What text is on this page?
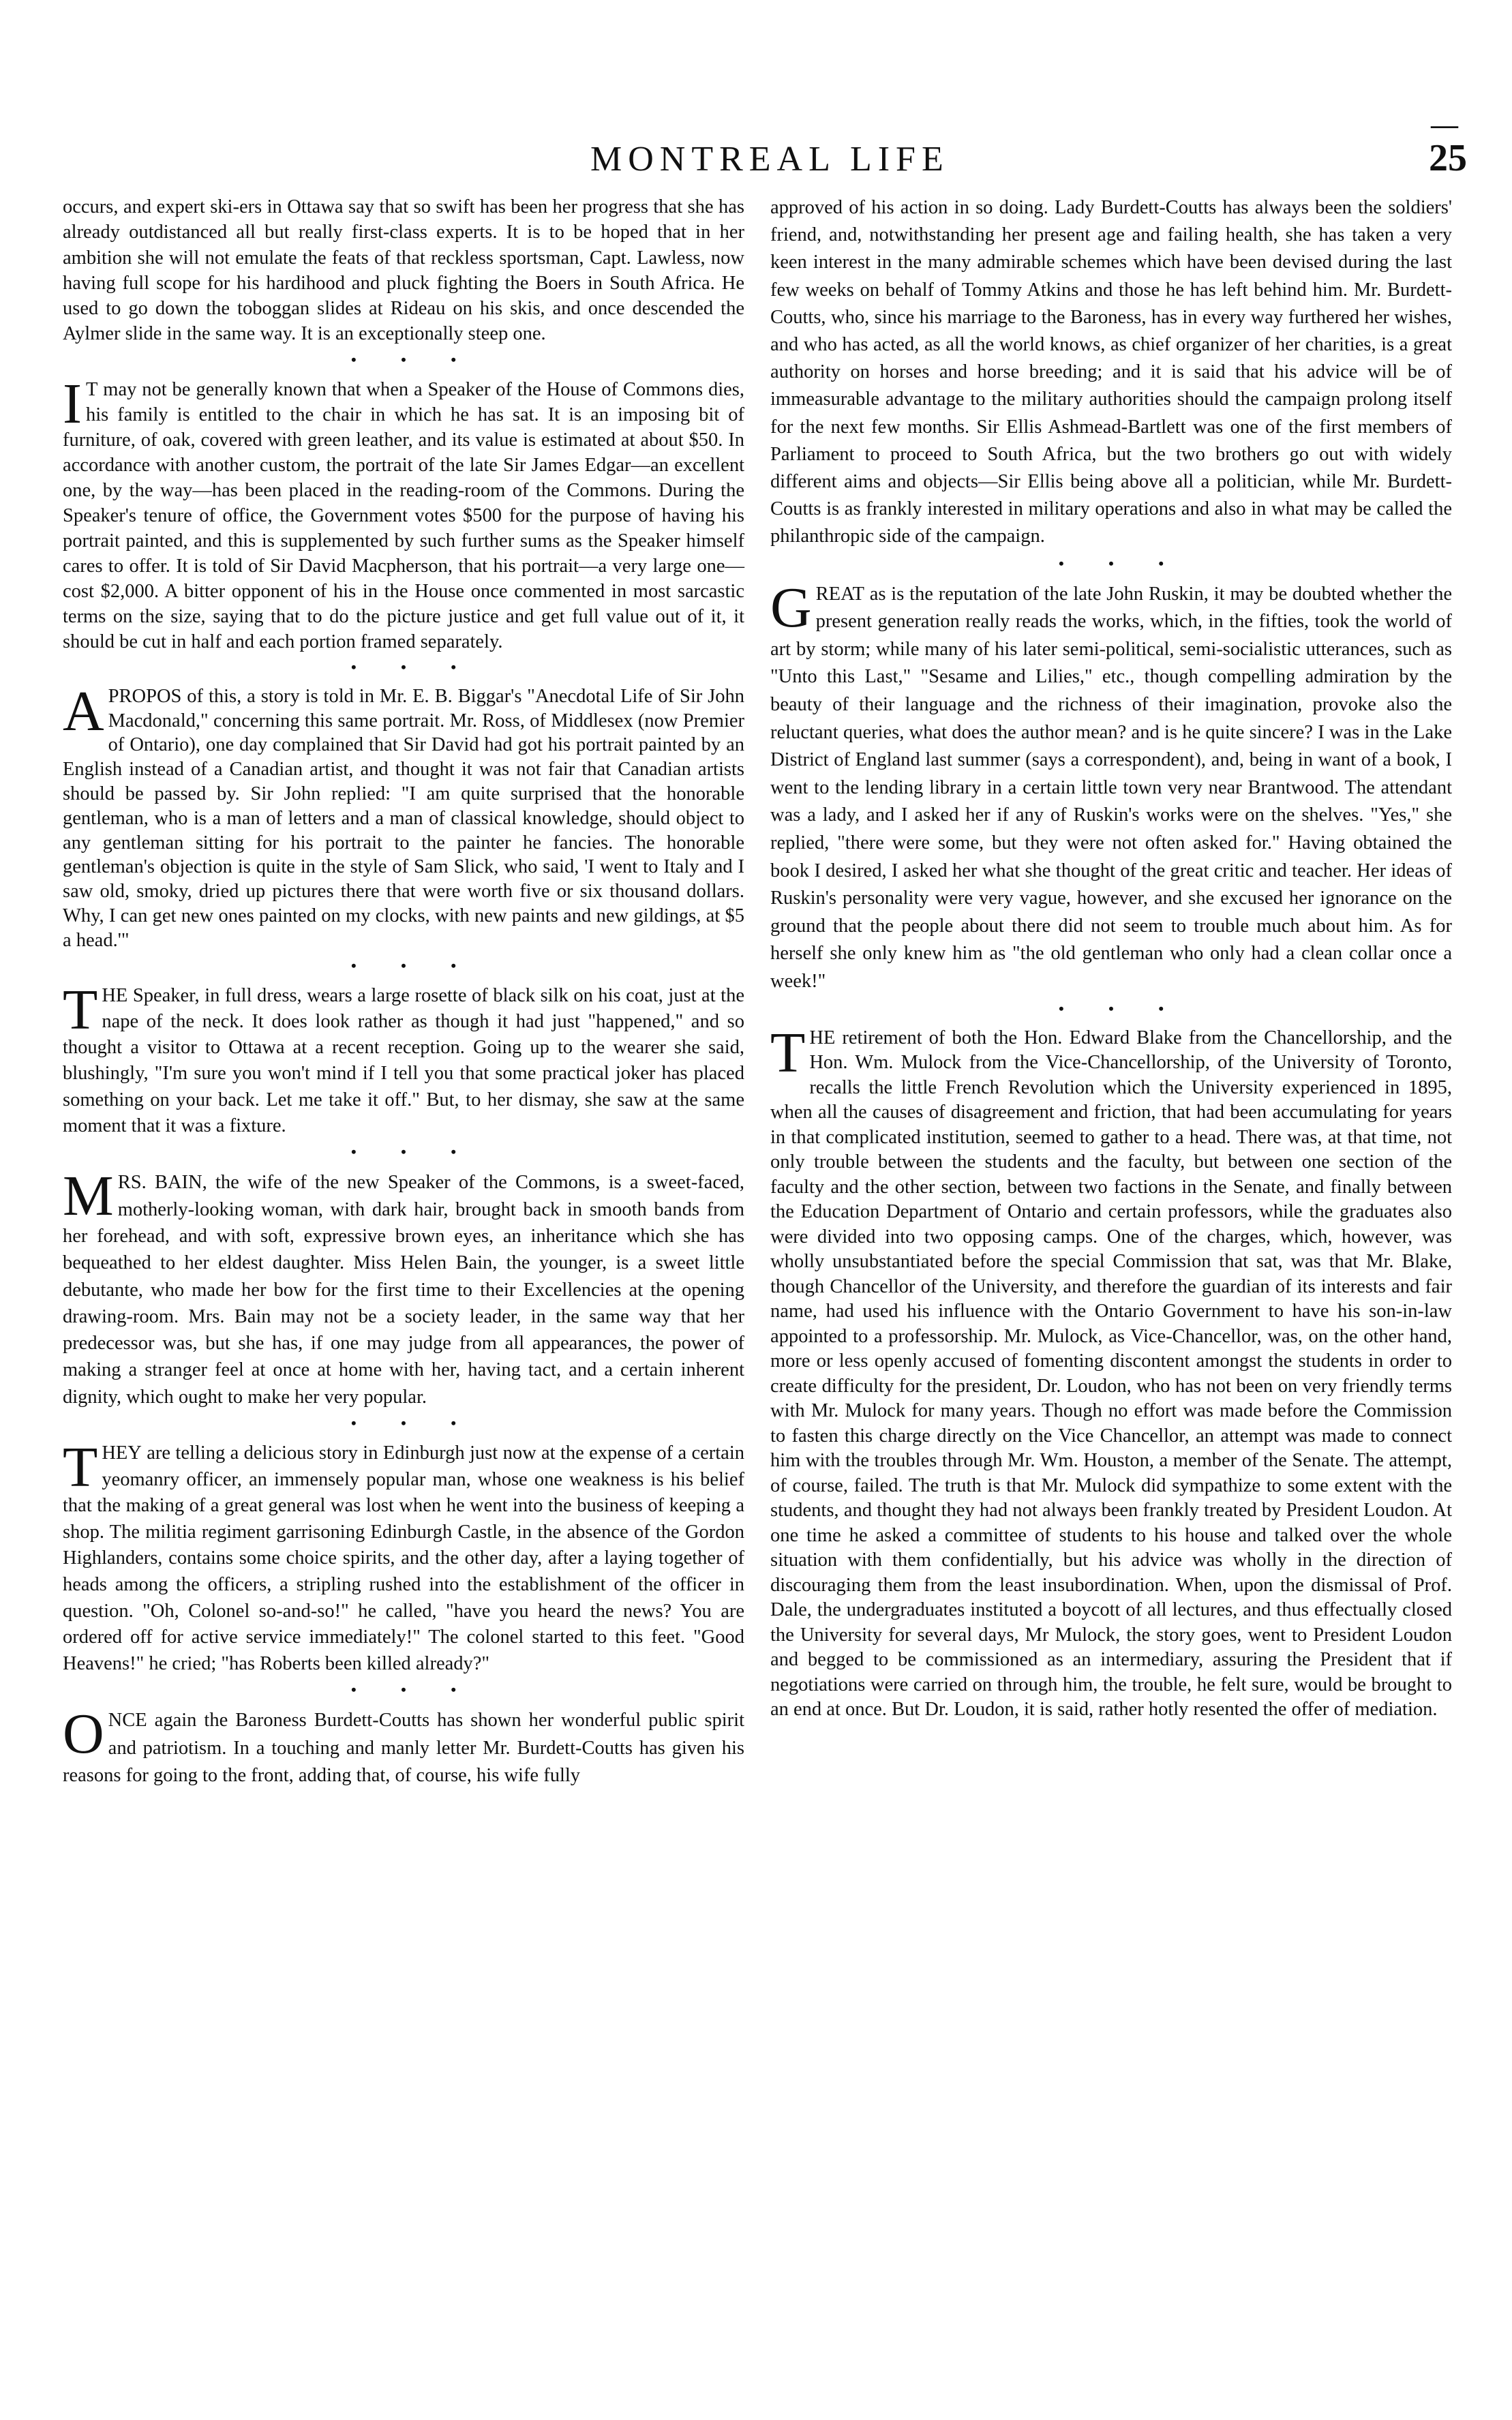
—
MONTREAL LIFE	25

occurs, and expert ski-ers in Ottawa say that so swift has been her progress that she has already outdistanced all but really first-class experts. It is to be hoped that in her ambition she will not emulate the feats of that reckless sportsman, Capt. Lawless, now having full scope for his hardihood and pluck fighting the Boers in South Africa. He used to go down the toboggan slides at Rideau on his skis, and once descended the Aylmer slide in the same way. It is an exceptionally steep one.

• • •

I T may not be generally known that when a Speaker of the House of Commons dies, his family is entitled to the chair in which he has sat. It is an imposing bit of furniture, of oak, covered with green leather, and its value is estimated at about $50. In accordance with another custom, the portrait of the late Sir James Edgar—an excellent one, by the way—has been placed in the reading-room of the Commons. During the Speaker's tenure of office, the Government votes $500 for the purpose of having his portrait painted, and this is supplemented by such further sums as the Speaker himself cares to offer. It is told of Sir David Macpherson, that his portrait—a very large one—cost $2,000. A bitter opponent of his in the House once commented in most sarcastic terms on the size, saying that to do the picture justice and get full value out of it, it should be cut in half and each portion framed separately.

• • •

APROPOS of this, a story is told in Mr. E. B. Biggar's "Anecdotal Life of Sir John Macdonald," concerning this same portrait. Mr. Ross, of Middlesex (now Premier of Ontario), one day complained that Sir David had got his portrait painted by an English instead of a Canadian artist, and thought it was not fair that Canadian artists should be passed by. Sir John replied: "I am quite surprised that the honorable gentleman, who is a man of letters and a man of classical knowledge, should object to any gentleman sitting for his portrait to the painter he fancies. The honorable gentleman's objection is quite in the style of Sam Slick, who said, 'I went to Italy and I saw old, smoky, dried up pictures there that were worth five or six thousand dollars. Why, I can get new ones painted on my clocks, with new paints and new gildings, at $5 a head.'"

• • •

THE Speaker, in full dress, wears a large rosette of black silk on his coat, just at the nape of the neck. It does look rather as though it had just "happened," and so thought a visitor to Ottawa at a recent reception. Going up to the wearer she said, blushingly, "I'm sure you won't mind if I tell you that some practical joker has placed something on your back. Let me take it off." But, to her dismay, she saw at the same moment that it was a fixture.

• • •

MRS. BAIN, the wife of the new Speaker of the Commons, is a sweet-faced, motherly-looking woman, with dark hair, brought back in smooth bands from her forehead, and with soft, expressive brown eyes, an inheritance which she has bequeathed to her eldest daughter. Miss Helen Bain, the younger, is a sweet little debutante, who made her bow for the first time to their Excellencies at the opening drawing-room. Mrs. Bain may not be a society leader, in the same way that her predecessor was, but she has, if one may judge from all appearances, the power of making a stranger feel at once at home with her, having tact, and a certain inherent dignity, which ought to make her very popular.

• • •

THEY are telling a delicious story in Edinburgh just now at the expense of a certain yeomanry officer, an immensely popular man, whose one weakness is his belief that the making of a great general was lost when he went into the business of keeping a shop. The militia regiment garrisoning Edinburgh Castle, in the absence of the Gordon Highlanders, contains some choice spirits, and the other day, after a laying together of heads among the officers, a stripling rushed into the establishment of the officer in question. "Oh, Colonel so-and-so!" he called, "have you heard the news? You are ordered off for active service immediately!" The colonel started to this feet. "Good Heavens!" he cried; "has Roberts been killed already?"

• • •

ONCE again the Baroness Burdett-Coutts has shown her wonderful public spirit and patriotism. In a touching and manly letter Mr. Burdett-Coutts has given his reasons for going to the front, adding that, of course, his wife fully

approved of his action in so doing. Lady Burdett-Coutts has always been the soldiers' friend, and, notwithstanding her present age and failing health, she has taken a very keen interest in the many admirable schemes which have been devised during the last few weeks on behalf of Tommy Atkins and those he has left behind him. Mr. Burdett-Coutts, who, since his marriage to the Baroness, has in every way furthered her wishes, and who has acted, as all the world knows, as chief organizer of her charities, is a great authority on horses and horse breeding; and it is said that his advice will be of immeasurable advantage to the military authorities should the campaign prolong itself for the next few months. Sir Ellis Ashmead-Bartlett was one of the first members of Parliament to proceed to South Africa, but the two brothers go out with widely different aims and objects—Sir Ellis being above all a politician, while Mr. Burdett-Coutts is as frankly interested in military operations and also in what may be called the philanthropic side of the campaign.

• • •

GREAT as is the reputation of the late John Ruskin, it may be doubted whether the present generation really reads the works, which, in the fifties, took the world of art by storm; while many of his later semi-political, semi-socialistic utterances, such as "Unto this Last," "Sesame and Lilies," etc., though compelling admiration by the beauty of their language and the richness of their imagination, provoke also the reluctant queries, what does the author mean? and is he quite sincere? I was in the Lake District of England last summer (says a correspondent), and, being in want of a book, I went to the lending library in a certain little town very near Brantwood. The attendant was a lady, and I asked her if any of Ruskin's works were on the shelves. "Yes," she replied, "there were some, but they were not often asked for." Having obtained the book I desired, I asked her what she thought of the great critic and teacher. Her ideas of Ruskin's personality were very vague, however, and she excused her ignorance on the ground that the people about there did not seem to trouble much about him. As for herself she only knew him as "the old gentleman who only had a clean collar once a week!"

• • •

THE retirement of both the Hon. Edward Blake from the Chancellorship, and the Hon. Wm. Mulock from the Vice-Chancellorship, of the University of Toronto, recalls the little French Revolution which the University experienced in 1895, when all the causes of disagreement and friction, that had been accumulating for years in that complicated institution, seemed to gather to a head. There was, at that time, not only trouble between the students and the faculty, but between one section of the faculty and the other section, between two factions in the Senate, and finally between the Education Department of Ontario and certain professors, while the graduates also were divided into two opposing camps. One of the charges, which, however, was wholly unsubstantiated before the special Commission that sat, was that Mr. Blake, though Chancellor of the University, and therefore the guardian of its interests and fair name, had used his influence with the Ontario Government to have his son-in-law appointed to a professorship. Mr. Mulock, as Vice-Chancellor, was, on the other hand, more or less openly accused of fomenting discontent amongst the students in order to create difficulty for the president, Dr. Loudon, who has not been on very friendly terms with Mr. Mulock for many years. Though no effort was made before the Commission to fasten this charge directly on the Vice Chancellor, an attempt was made to connect him with the troubles through Mr. Wm. Houston, a member of the Senate. The attempt, of course, failed. The truth is that Mr. Mulock did sympathize to some extent with the students, and thought they had not always been frankly treated by President Loudon. At one time he asked a committee of students to his house and talked over the whole situation with them confidentially, but his advice was wholly in the direction of discouraging them from the least insubordination. When, upon the dismissal of Prof. Dale, the undergraduates instituted a boycott of all lectures, and thus effectually closed the University for several days, Mr Mulock, the story goes, went to President Loudon and begged to be commissioned as an intermediary, assuring the President that if negotiations were carried on through him, the trouble, he felt sure, would be brought to an end at once. But Dr. Loudon, it is said, rather hotly resented the offer of mediation.
